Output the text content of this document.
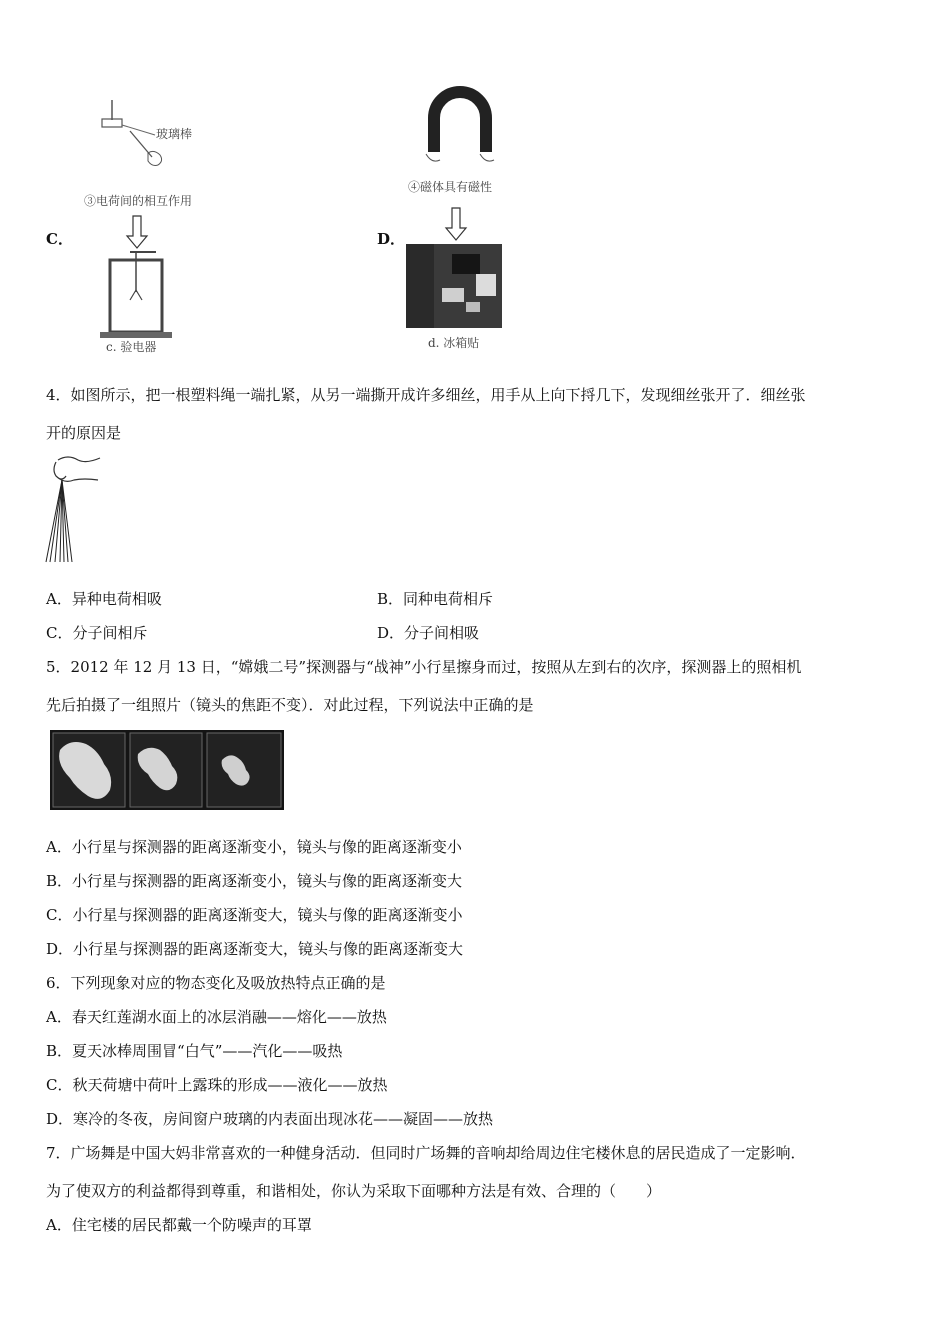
玻璃棒
③电荷间的相互作用
C．
c. 验电器
④磁体具有磁性
D．
d. 冰箱贴
4．如图所示，把一根塑料绳一端扎紧，从另一端撕开成许多细丝，用手从上向下捋几下，发现细丝张开了．细丝张
开的原因是
A．异种电荷相吸	B．同种电荷相斥
C．分子间相斥	D．分子间相吸
5．2012 年 12 月 13 日，“嫦娥二号”探测器与“战神”小行星擦身而过，按照从左到右的次序，探测器上的照相机
先后拍摄了一组照片（镜头的焦距不变）．对此过程，下列说法中正确的是
A．小行星与探测器的距离逐渐变小，镜头与像的距离逐渐变小
B．小行星与探测器的距离逐渐变小，镜头与像的距离逐渐变大
C．小行星与探测器的距离逐渐变大，镜头与像的距离逐渐变小
D．小行星与探测器的距离逐渐变大，镜头与像的距离逐渐变大
6．下列现象对应的物态变化及吸放热特点正确的是
A．春天红莲湖水面上的冰层消融——熔化——放热
B．夏天冰棒周围冒“白气”——汽化——吸热
C．秋天荷塘中荷叶上露珠的形成——液化——放热
D．寒冷的冬夜，房间窗户玻璃的内表面出现冰花——凝固——放热
7．广场舞是中国大妈非常喜欢的一种健身活动．但同时广场舞的音响却给周边住宅楼休息的居民造成了一定影响．
为了使双方的利益都得到尊重，和谐相处，你认为采取下面哪种方法是有效、合理的（　　）
A．住宅楼的居民都戴一个防噪声的耳罩
